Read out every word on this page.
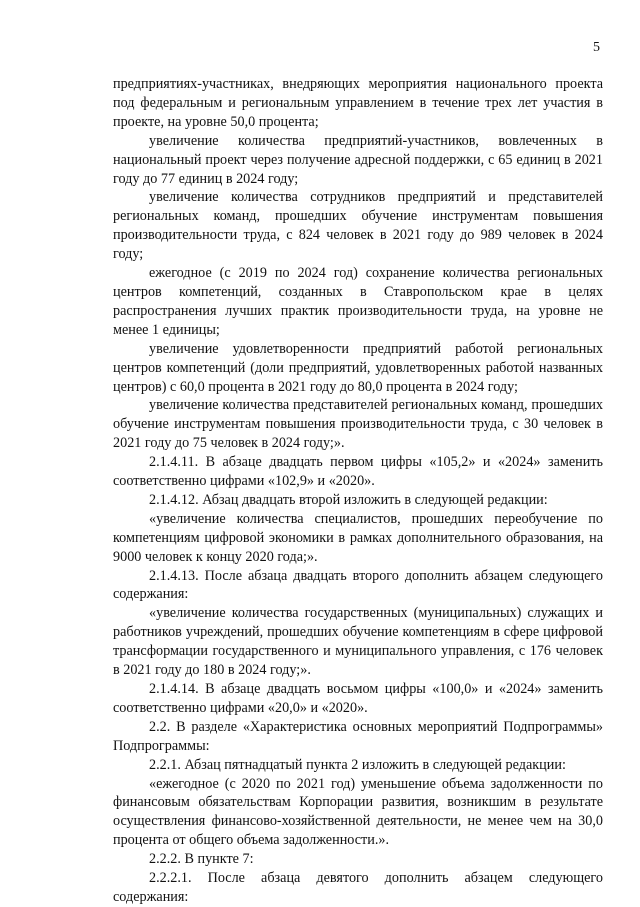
5

предприятиях-участниках, внедряющих мероприятия национального проекта под федеральным и региональным управлением в течение трех лет участия в проекте, на уровне 50,0 процента;

увеличение количества предприятий-участников, вовлеченных в национальный проект через получение адресной поддержки, с 65 единиц в 2021 году до 77 единиц в 2024 году;

увеличение количества сотрудников предприятий и представителей региональных команд, прошедших обучение инструментам повышения производительности труда, с 824 человек в 2021 году до 989 человек в 2024 году;

ежегодное (с 2019 по 2024 год) сохранение количества региональных центров компетенций, созданных в Ставропольском крае в целях распространения лучших практик производительности труда, на уровне не менее 1 единицы;

увеличение удовлетворенности предприятий работой региональных центров компетенций (доли предприятий, удовлетворенных работой названных центров) с 60,0 процента в 2021 году до 80,0 процента в 2024 году;

увеличение количества представителей региональных команд, прошедших обучение инструментам повышения производительности труда, с 30 человек в 2021 году до 75 человек в 2024 году;».

2.1.4.11. В абзаце двадцать первом цифры «105,2» и «2024» заменить соответственно цифрами «102,9» и «2020».

2.1.4.12. Абзац двадцать второй изложить в следующей редакции:

«увеличение количества специалистов, прошедших переобучение по компетенциям цифровой экономики в рамках дополнительного образования, на 9000 человек к концу 2020 года;».

2.1.4.13. После абзаца двадцать второго дополнить абзацем следующего содержания:

«увеличение количества государственных (муниципальных) служащих и работников учреждений, прошедших обучение компетенциям в сфере цифровой трансформации государственного и муниципального управления, с 176 человек в 2021 году до 180 в 2024 году;».

2.1.4.14. В абзаце двадцать восьмом цифры «100,0» и «2024» заменить соответственно цифрами «20,0» и «2020».

2.2. В разделе «Характеристика основных мероприятий Подпрограммы» Подпрограммы:

2.2.1. Абзац пятнадцатый пункта 2 изложить в следующей редакции:

«ежегодное (с 2020 по 2021 год) уменьшение объема задолженности по финансовым обязательствам Корпорации развития, возникшим в результате осуществления финансово-хозяйственной деятельности, не менее чем на 30,0 процента от общего объема задолженности.».

2.2.2. В пункте 7:

2.2.2.1. После абзаца девятого дополнить абзацем следующего содержания:
